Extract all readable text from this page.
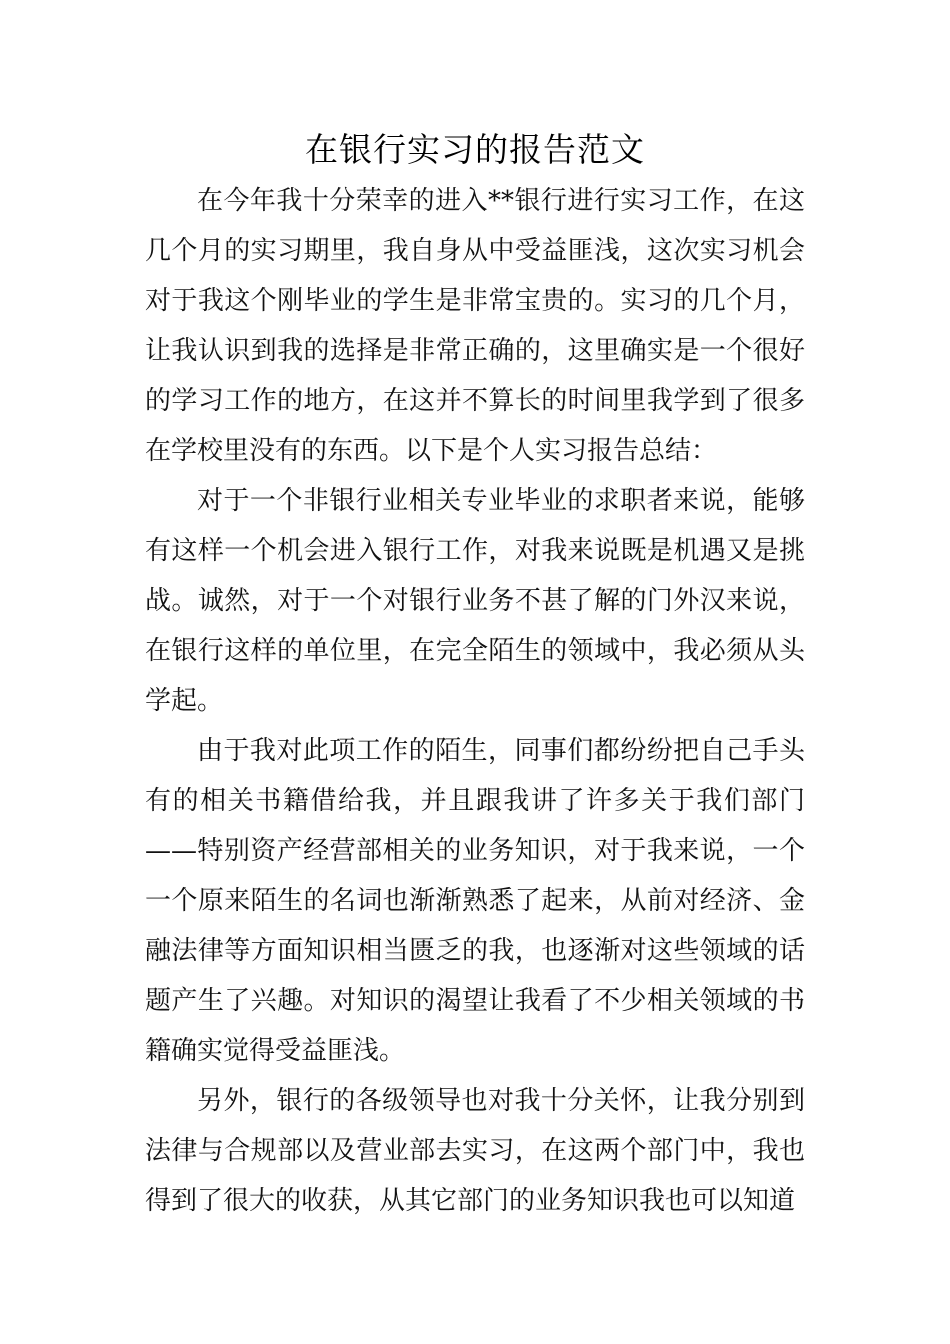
在银行实习的报告范文

在今年我十分荣幸的进入**银行进行实习工作，在这几个月的实习期里，我自身从中受益匪浅，这次实习机会对于我这个刚毕业的学生是非常宝贵的。实习的几个月，让我认识到我的选择是非常正确的，这里确实是一个很好的学习工作的地方，在这并不算长的时间里我学到了很多在学校里没有的东西。以下是个人实习报告总结：

对于一个非银行业相关专业毕业的求职者来说，能够有这样一个机会进入银行工作，对我来说既是机遇又是挑战。诚然，对于一个对银行业务不甚了解的门外汉来说，在银行这样的单位里，在完全陌生的领域中，我必须从头学起。

由于我对此项工作的陌生，同事们都纷纷把自己手头有的相关书籍借给我，并且跟我讲了许多关于我们部门——特别资产经营部相关的业务知识，对于我来说，一个一个原来陌生的名词也渐渐熟悉了起来，从前对经济、金融法律等方面知识相当匮乏的我，也逐渐对这些领域的话题产生了兴趣。对知识的渴望让我看了不少相关领域的书籍确实觉得受益匪浅。

另外，银行的各级领导也对我十分关怀，让我分别到法律与合规部以及营业部去实习，在这两个部门中，我也得到了很大的收获，从其它部门的业务知识我也可以知道
